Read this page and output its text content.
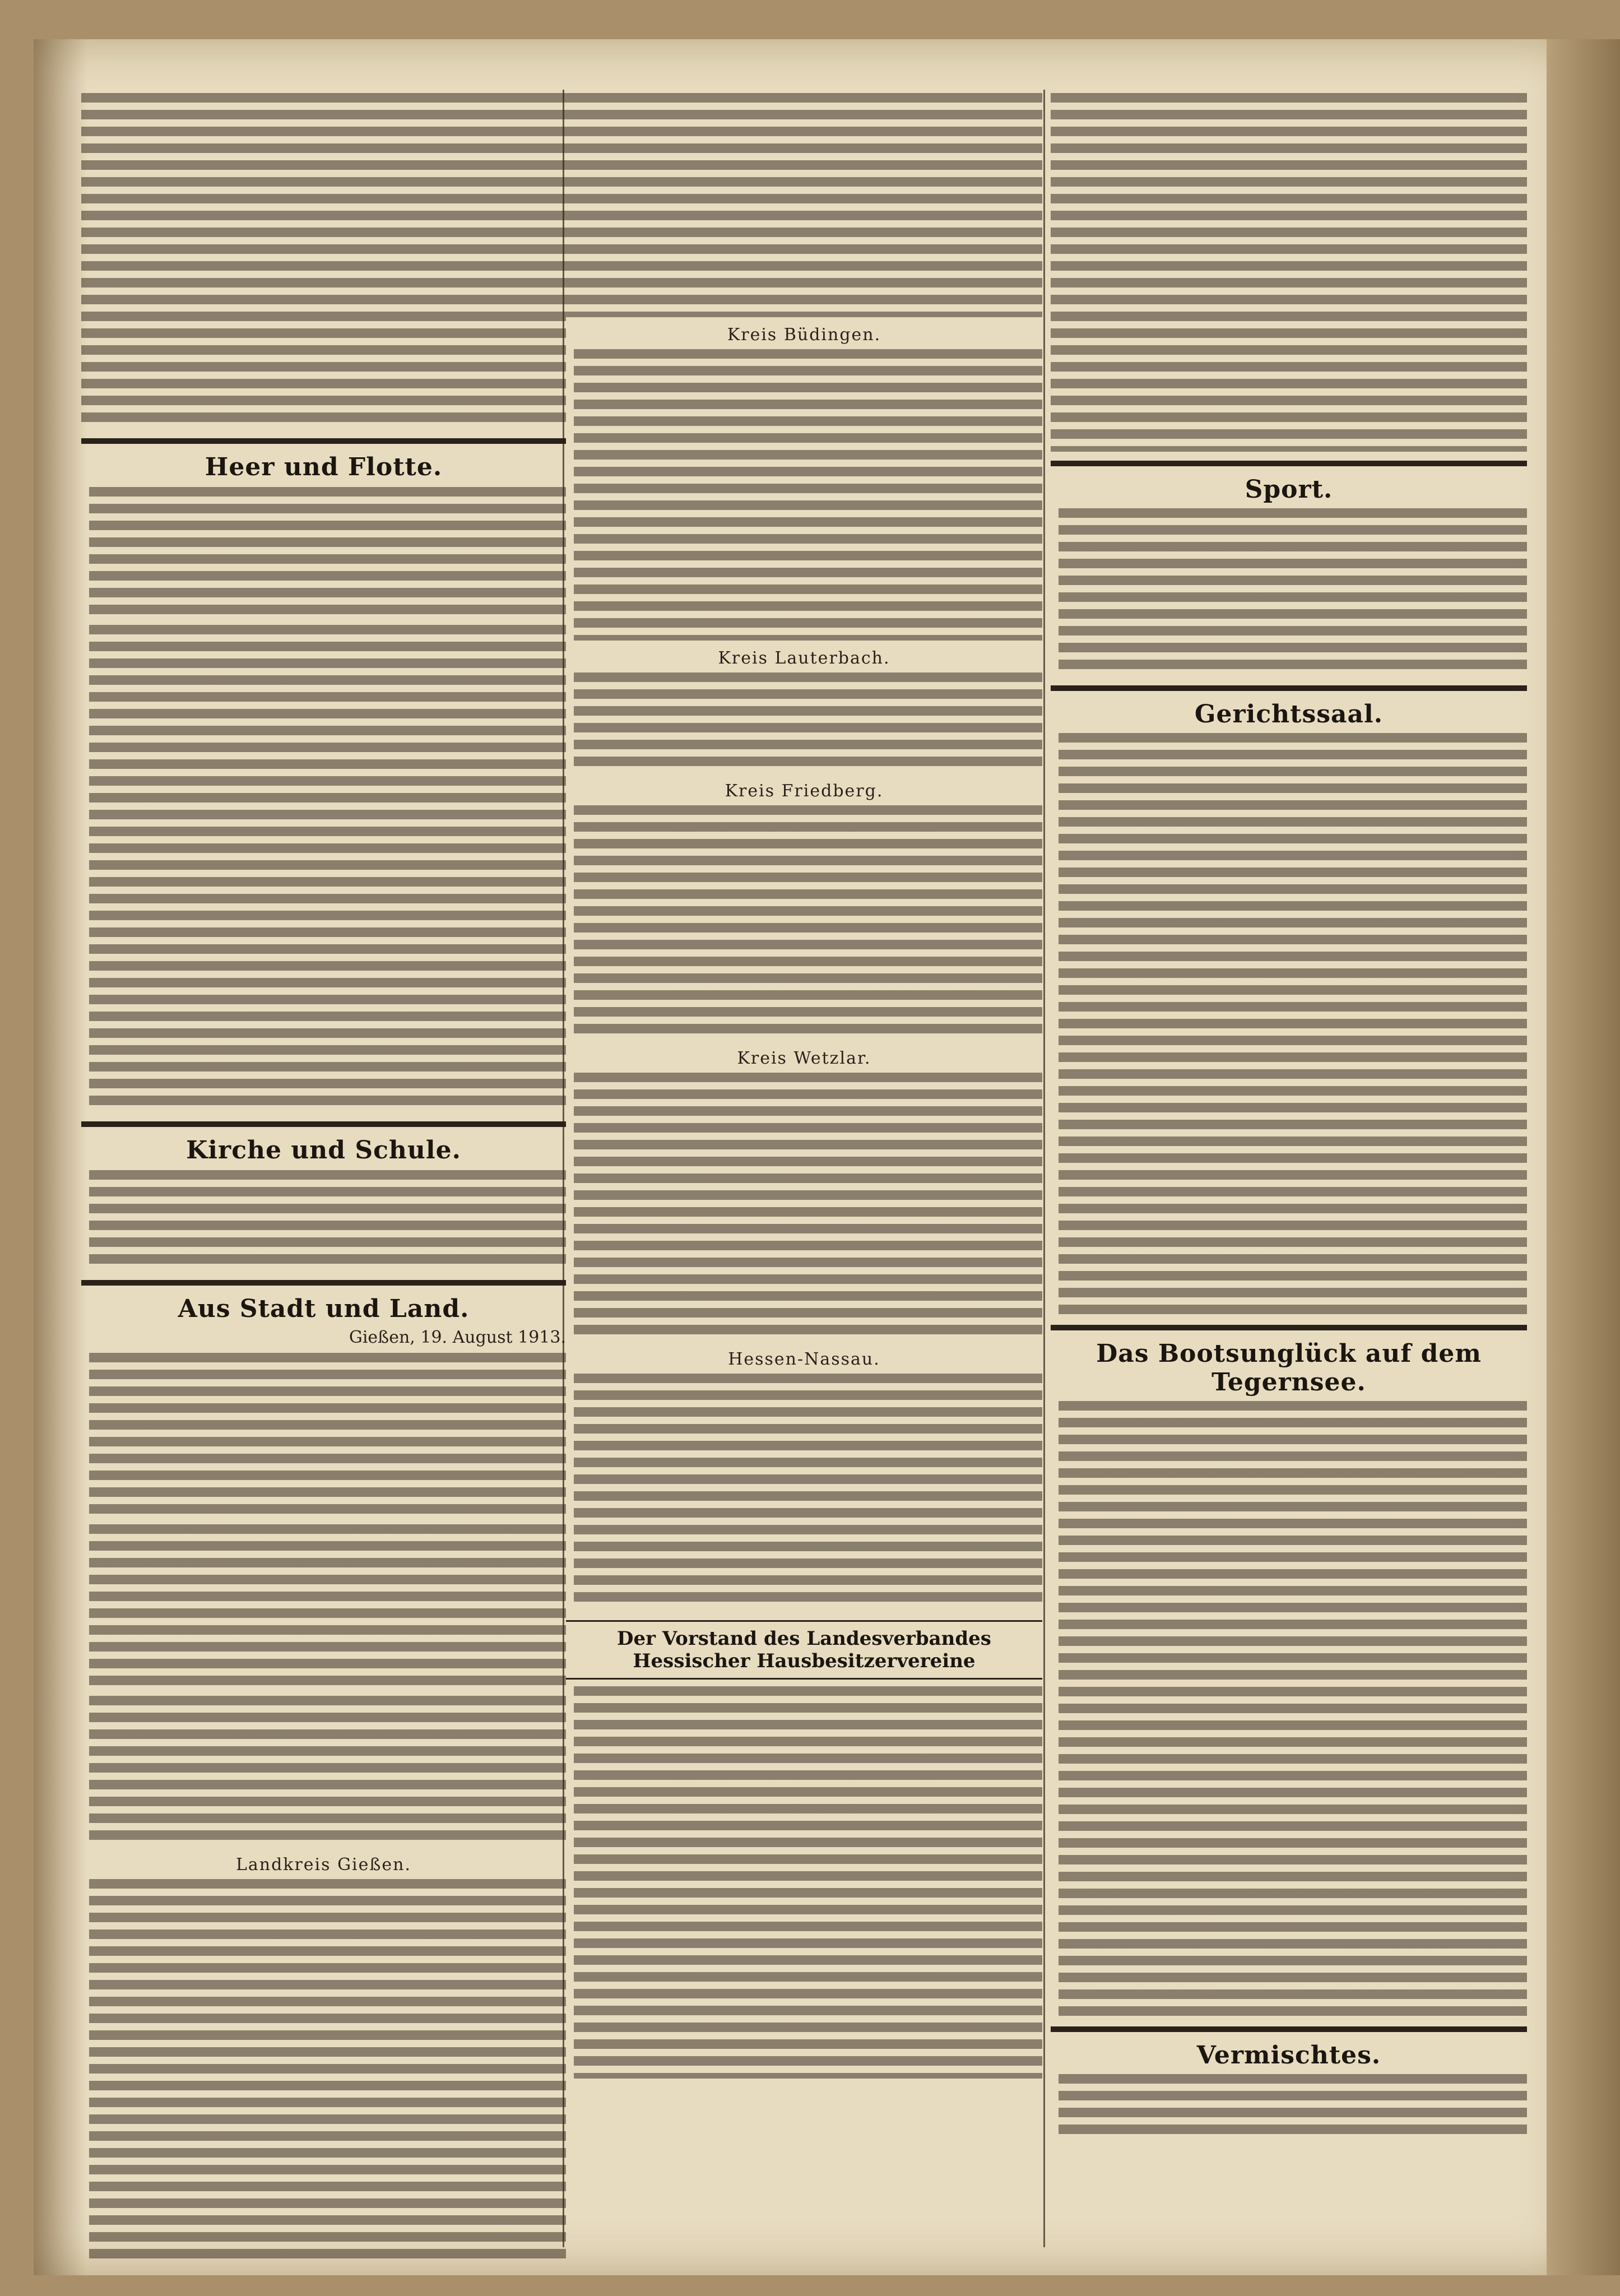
Heer und Flotte.
Kirche und Schule.
Aus Stadt und Land.
Gießen, 19. August 1913.
Landkreis Gießen.
Kreis Büdingen.
Kreis Lauterbach.
Kreis Friedberg.
Kreis Wetzlar.
Hessen-Nassau.
Der Vorstand des Landesverbandes Hessischer Hausbesitzervereine
Sport.
Gerichtssaal.
Das Bootsunglück auf dem Tegernsee.
Vermischtes.
